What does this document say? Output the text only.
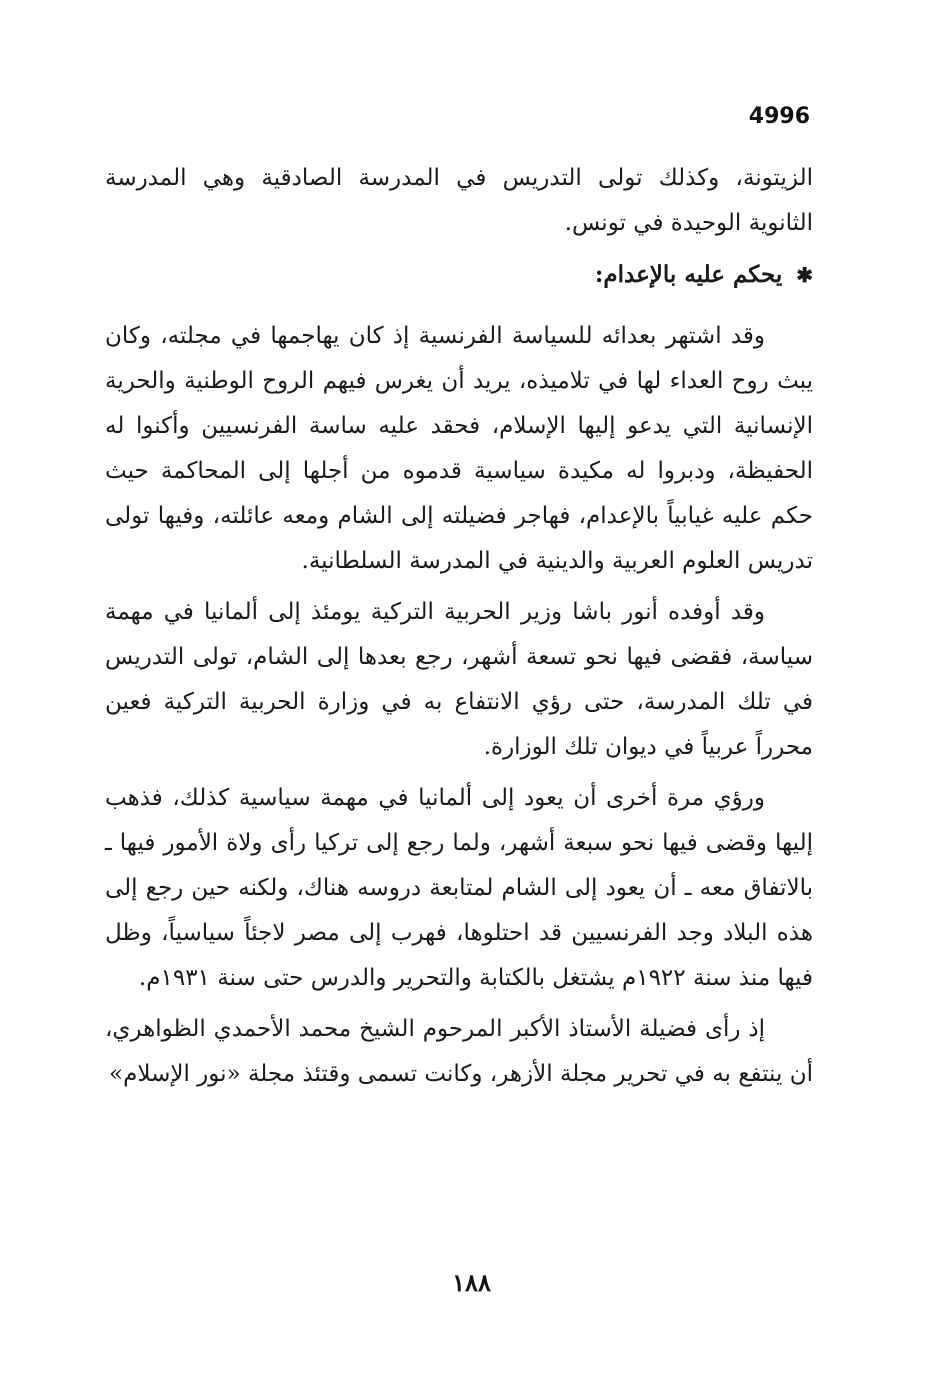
4996

الزيتونة، وكذلك تولى التدريس في المدرسة الصادقية وهي المدرسة الثانوية الوحيدة في تونس.

✱ يحكم عليه بالإعدام:

وقد اشتهر بعدائه للسياسة الفرنسية إذ كان يهاجمها في مجلته، وكان يبث روح العداء لها في تلاميذه، يريد أن يغرس فيهم الروح الوطنية والحرية الإنسانية التي يدعو إليها الإسلام، فحقد عليه ساسة الفرنسيين وأكنوا له الحفيظة، ودبروا له مكيدة سياسية قدموه من أجلها إلى المحاكمة حيث حكم عليه غيابياً بالإعدام، فهاجر فضيلته إلى الشام ومعه عائلته، وفيها تولى تدريس العلوم العربية والدينية في المدرسة السلطانية.

وقد أوفده أنور باشا وزير الحربية التركية يومئذ إلى ألمانيا في مهمة سياسة، فقضى فيها نحو تسعة أشهر، رجع بعدها إلى الشام، تولى التدريس في تلك المدرسة، حتى رؤي الانتفاع به في وزارة الحربية التركية فعين محرراً عربياً في ديوان تلك الوزارة.

ورؤي مرة أخرى أن يعود إلى ألمانيا في مهمة سياسية كذلك، فذهب إليها وقضى فيها نحو سبعة أشهر، ولما رجع إلى تركيا رأى ولاة الأمور فيها ـ بالاتفاق معه ـ أن يعود إلى الشام لمتابعة دروسه هناك، ولكنه حين رجع إلى هذه البلاد وجد الفرنسيين قد احتلوها، فهرب إلى مصر لاجئاً سياسياً، وظل فيها منذ سنة ١٩٢٢م يشتغل بالكتابة والتحرير والدرس حتى سنة ١٩٣١م.

إذ رأى فضيلة الأستاذ الأكبر المرحوم الشيخ محمد الأحمدي الظواهري، أن ينتفع به في تحرير مجلة الأزهر، وكانت تسمى وقتئذ مجلة «نور الإسلام»

١٨٨
